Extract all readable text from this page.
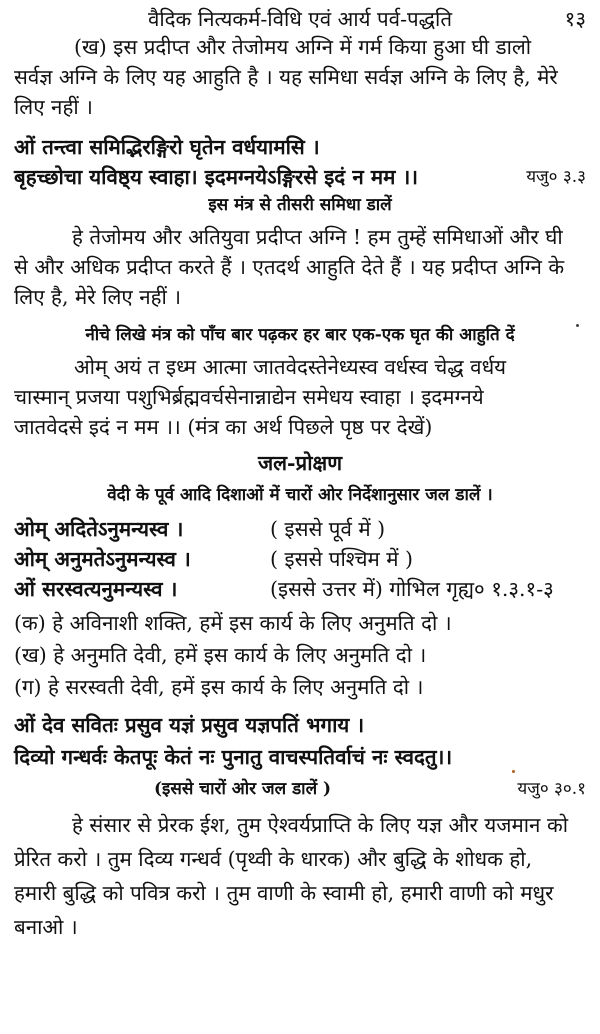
वैदिक नित्यकर्म-विधि एवं आर्य पर्व-पद्धति	१३
(ख) इस प्रदीप्त और तेजोमय अग्नि में गर्म किया हुआ घी डालो
सर्वज्ञ अग्नि के लिए यह आहुति है । यह समिधा सर्वज्ञ अग्नि के लिए है, मेरे
लिए नहीं ।
ओं तन्त्वा समिद्भिरङ्गिरो घृतेन वर्धयामसि ।
बृहच्छोचा यविष्ठ्य स्वाहा। इदमग्नयेऽङ्गिरसे इदं न मम ।।	यजु० ३.३
इस मंत्र से तीसरी समिधा डालें
हे तेजोमय और अतियुवा प्रदीप्त अग्नि ! हम तुम्हें समिधाओं और घी
से और अधिक प्रदीप्त करते हैं । एतदर्थ आहुति देते हैं । यह प्रदीप्त अग्नि के
लिए है, मेरे लिए नहीं ।
नीचे लिखे मंत्र को पाँच बार पढ़कर हर बार एक-एक घृत की आहुति दें
ओम् अयं त इध्म आत्मा जातवेदस्तेनेध्यस्व वर्धस्व चेद्ध वर्धय
चास्मान् प्रजया पशुभिर्ब्रह्मवर्चसेनान्नाद्येन समेधय स्वाहा । इदमग्नये
जातवेदसे इदं न मम ।। (मंत्र का अर्थ पिछले पृष्ठ पर देखें)
जल-प्रोक्षण
वेदी के पूर्व आदि दिशाओं में चारों ओर निर्देशानुसार जल डालें ।
ओम् अदितेऽनुमन्यस्व ।	( इससे पूर्व में )
ओम् अनुमतेऽनुमन्यस्व ।	( इससे पश्चिम में )
ओं सरस्वत्यनुमन्यस्व ।	(इससे उत्तर में) गोभिल गृह्य० १.३.१-३
(क) हे अविनाशी शक्ति, हमें इस कार्य के लिए अनुमति दो ।
(ख) हे अनुमति देवी, हमें इस कार्य के लिए अनुमति दो ।
(ग) हे सरस्वती देवी, हमें इस कार्य के लिए अनुमति दो ।
ओं देव सवितः प्रसुव यज्ञं प्रसुव यज्ञपतिं भगाय ।
दिव्यो गन्धर्वः केतपूः केतं नः पुनातु वाचस्पतिर्वाचं नः स्वदतु।।
(इससे चारों ओर जल डालें )	यजु० ३०.१
हे संसार से प्रेरक ईश, तुम ऐश्वर्यप्राप्ति के लिए यज्ञ और यजमान को
प्रेरित करो । तुम दिव्य गन्धर्व (पृथ्वी के धारक) और बुद्धि के शोधक हो,
हमारी बुद्धि को पवित्र करो । तुम वाणी के स्वामी हो, हमारी वाणी को मधुर
बनाओ ।
